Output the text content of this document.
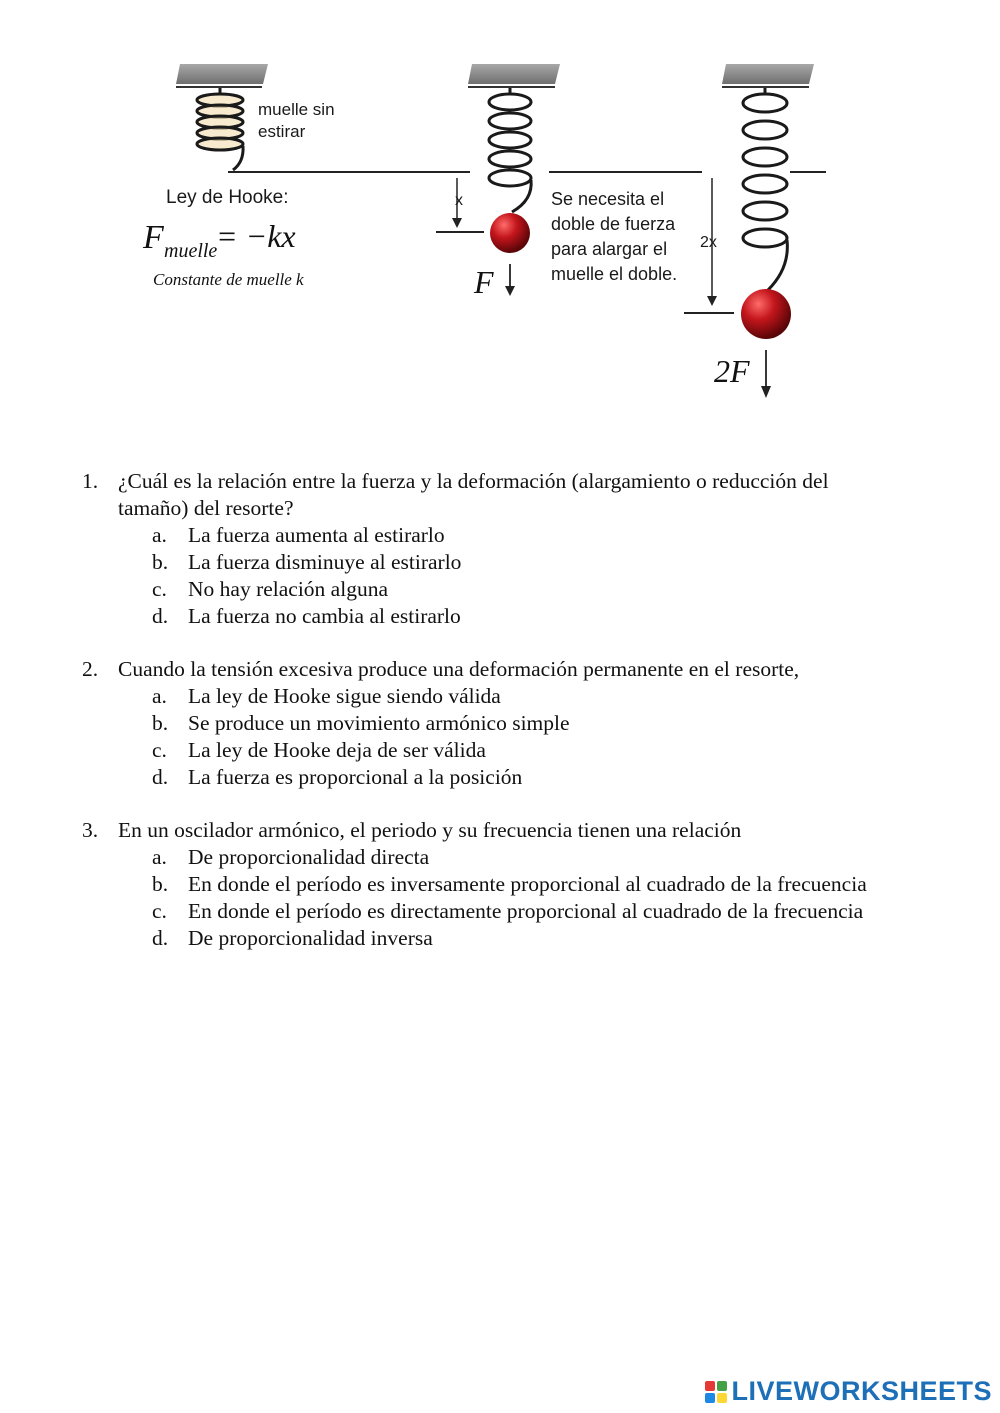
muelle sin
estirar
Ley de Hooke:
F muelle
= −kx
Constante de muelle k
x
F
Se necesita el
doble de fuerza
para alargar el
muelle el doble.
2x
2F
1. ¿Cuál es la relación entre la fuerza y la deformación (alargamiento o reducción del tamaño) del resorte?
a. La fuerza aumenta al estirarlo
b. La fuerza disminuye al estirarlo
c. No hay relación alguna
d. La fuerza no cambia al estirarlo
2. Cuando la tensión excesiva produce una deformación permanente en el resorte,
a. La ley de Hooke sigue siendo válida
b. Se produce un movimiento armónico simple
c. La ley de Hooke deja de ser válida
d. La fuerza es proporcional a la posición
3. En un oscilador armónico, el periodo y su frecuencia tienen una relación
a. De proporcionalidad directa
b. En donde el período es inversamente proporcional al cuadrado de la frecuencia
c. En donde el período es directamente proporcional al cuadrado de la frecuencia
d. De proporcionalidad inversa
LIVEWORKSHEETS
